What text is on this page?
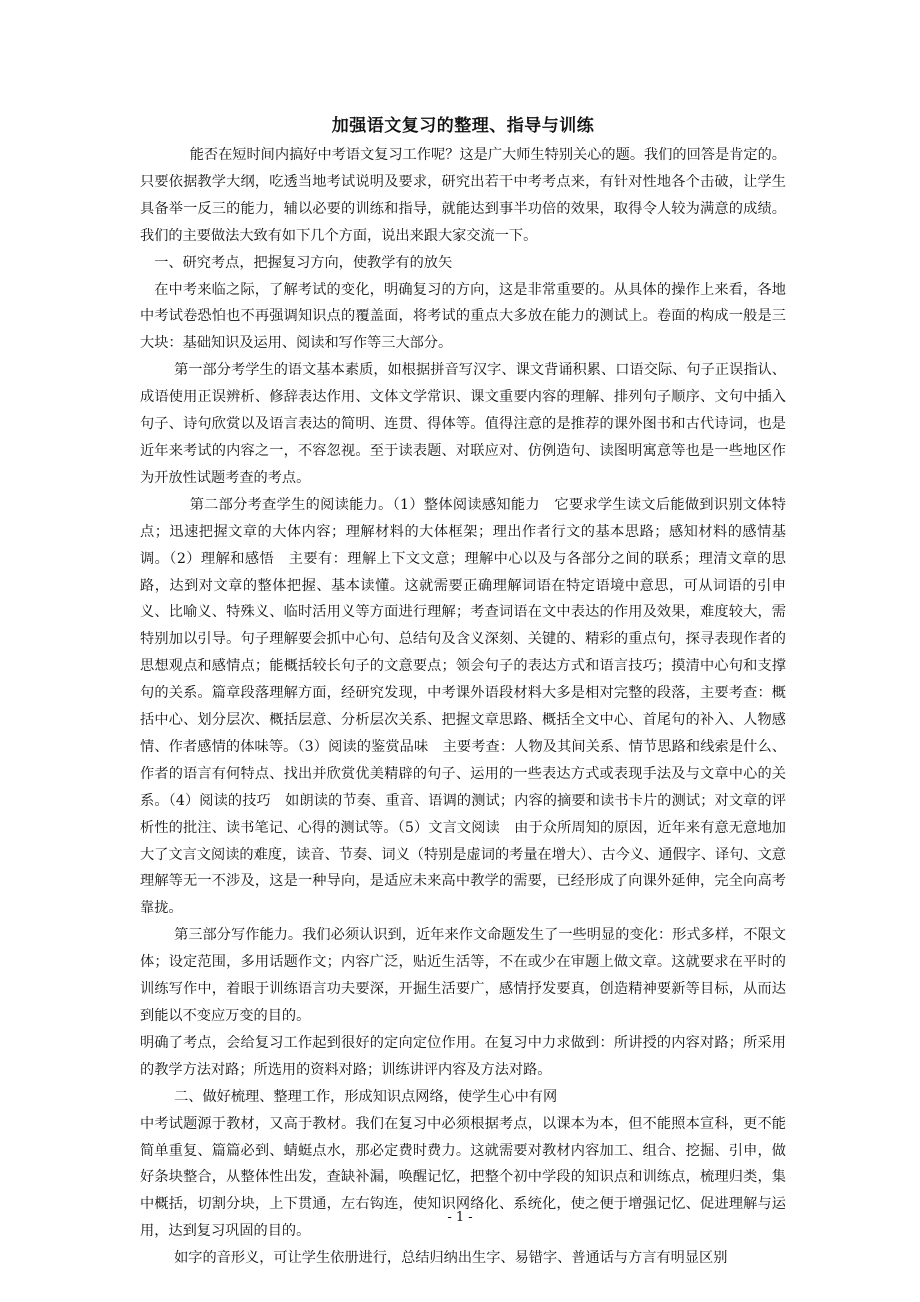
加强语文复习的整理、指导与训练

能否在短时间内搞好中考语文复习工作呢？这是广大师生特别关心的题。我们的回答是肯定的。只要依据教学大纲，吃透当地考试说明及要求，研究出若干中考考点来，有针对性地各个击破，让学生具备举一反三的能力，辅以必要的训练和指导，就能达到事半功倍的效果，取得令人较为满意的成绩。我们的主要做法大致有如下几个方面，说出来跟大家交流一下。

一、研究考点，把握复习方向，使教学有的放矢

在中考来临之际，了解考试的变化，明确复习的方向，这是非常重要的。从具体的操作上来看，各地中考试卷恐怕也不再强调知识点的覆盖面，将考试的重点大多放在能力的测试上。卷面的构成一般是三大块：基础知识及运用、阅读和写作等三大部分。

第一部分考学生的语文基本素质，如根据拼音写汉字、课文背诵积累、口语交际、句子正误指认、成语使用正误辨析、修辞表达作用、文体文学常识、课文重要内容的理解、排列句子顺序、文句中插入句子、诗句欣赏以及语言表达的简明、连贯、得体等。值得注意的是推荐的课外图书和古代诗词，也是近年来考试的内容之一，不容忽视。至于读表题、对联应对、仿例造句、读图明寓意等也是一些地区作为开放性试题考查的考点。

第二部分考查学生的阅读能力。（1）整体阅读感知能力　它要求学生读文后能做到识别文体特点；迅速把握文章的大体内容；理解材料的大体框架；理出作者行文的基本思路；感知材料的感情基调。（2）理解和感悟　主要有：理解上下文文意；理解中心以及与各部分之间的联系；理清文章的思路，达到对文章的整体把握、基本读懂。这就需要正确理解词语在特定语境中意思，可从词语的引申义、比喻义、特殊义、临时活用义等方面进行理解；考查词语在文中表达的作用及效果，难度较大，需特别加以引导。句子理解要会抓中心句、总结句及含义深刻、关键的、精彩的重点句，探寻表现作者的思想观点和感情点；能概括较长句子的文意要点；领会句子的表达方式和语言技巧；摸清中心句和支撑句的关系。篇章段落理解方面，经研究发现，中考课外语段材料大多是相对完整的段落，主要考查：概括中心、划分层次、概括层意、分析层次关系、把握文章思路、概括全文中心、首尾句的补入、人物感情、作者感情的体味等。（3）阅读的鉴赏品味　主要考查：人物及其间关系、情节思路和线索是什么、作者的语言有何特点、找出并欣赏优美精辟的句子、运用的一些表达方式或表现手法及与文章中心的关系。（4）阅读的技巧　如朗读的节奏、重音、语调的测试；内容的摘要和读书卡片的测试；对文章的评析性的批注、读书笔记、心得的测试等。（5）文言文阅读　由于众所周知的原因，近年来有意无意地加大了文言文阅读的难度，读音、节奏、词义（特别是虚词的考量在增大）、古今义、通假字、译句、文意理解等无一不涉及，这是一种导向，是适应未来高中教学的需要，已经形成了向课外延伸，完全向高考靠拢。

第三部分写作能力。我们必须认识到，近年来作文命题发生了一些明显的变化：形式多样，不限文体；设定范围，多用话题作文；内容广泛，贴近生活等，不在或少在审题上做文章。这就要求在平时的训练写作中，着眼于训练语言功夫要深，开掘生活要广，感情抒发要真，创造精神要新等目标，从而达到能以不变应万变的目的。

明确了考点，会给复习工作起到很好的定向定位作用。在复习中力求做到：所讲授的内容对路；所采用的教学方法对路；所选用的资料对路；训练讲评内容及方法对路。

二、做好梳理、整理工作，形成知识点网络，使学生心中有网

中考试题源于教材，又高于教材。我们在复习中必须根据考点，以课本为本，但不能照本宣科，更不能简单重复、篇篇必到、蜻蜓点水，那必定费时费力。这就需要对教材内容加工、组合、挖掘、引申，做好条块整合，从整体性出发，查缺补漏，唤醒记忆，把整个初中学段的知识点和训练点，梳理归类，集中概括，切割分块，上下贯通，左右钩连，使知识网络化、系统化，使之便于增强记忆、促进理解与运用，达到复习巩固的目的。

如字的音形义，可让学生依册进行，总结归纳出生字、易错字、普通话与方言有明显区别

- 1 -
